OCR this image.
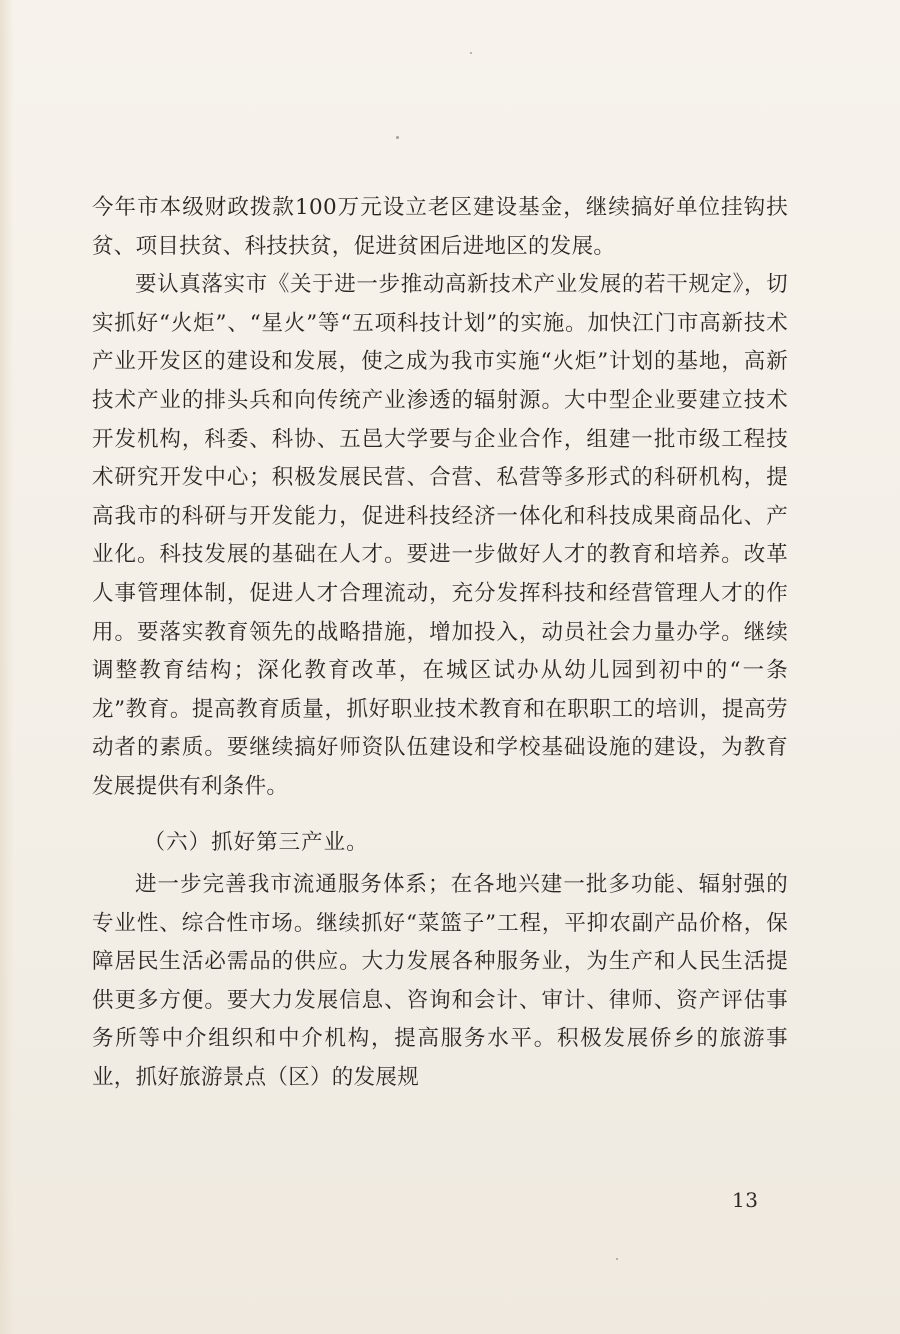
今年市本级财政拨款100万元设立老区建设基金，继续搞好单位挂钩扶贫、项目扶贫、科技扶贫，促进贫困后进地区的发展。

要认真落实市《关于进一步推动高新技术产业发展的若干规定》，切实抓好“火炬”、“星火”等“五项科技计划”的实施。加快江门市高新技术产业开发区的建设和发展，使之成为我市实施“火炬”计划的基地，高新技术产业的排头兵和向传统产业渗透的辐射源。大中型企业要建立技术开发机构，科委、科协、五邑大学要与企业合作，组建一批市级工程技术研究开发中心；积极发展民营、合营、私营等多形式的科研机构，提高我市的科研与开发能力，促进科技经济一体化和科技成果商品化、产业化。科技发展的基础在人才。要进一步做好人才的教育和培养。改革人事管理体制，促进人才合理流动，充分发挥科技和经营管理人才的作用。要落实教育领先的战略措施，增加投入，动员社会力量办学。继续调整教育结构；深化教育改革，在城区试办从幼儿园到初中的“一条龙”教育。提高教育质量，抓好职业技术教育和在职职工的培训，提高劳动者的素质。要继续搞好师资队伍建设和学校基础设施的建设，为教育发展提供有利条件。

（六）抓好第三产业。

进一步完善我市流通服务体系；在各地兴建一批多功能、辐射强的专业性、综合性市场。继续抓好“菜篮子”工程，平抑农副产品价格，保障居民生活必需品的供应。大力发展各种服务业，为生产和人民生活提供更多方便。要大力发展信息、咨询和会计、审计、律师、资产评估事务所等中介组织和中介机构，提高服务水平。积极发展侨乡的旅游事业，抓好旅游景点（区）的发展规

13
